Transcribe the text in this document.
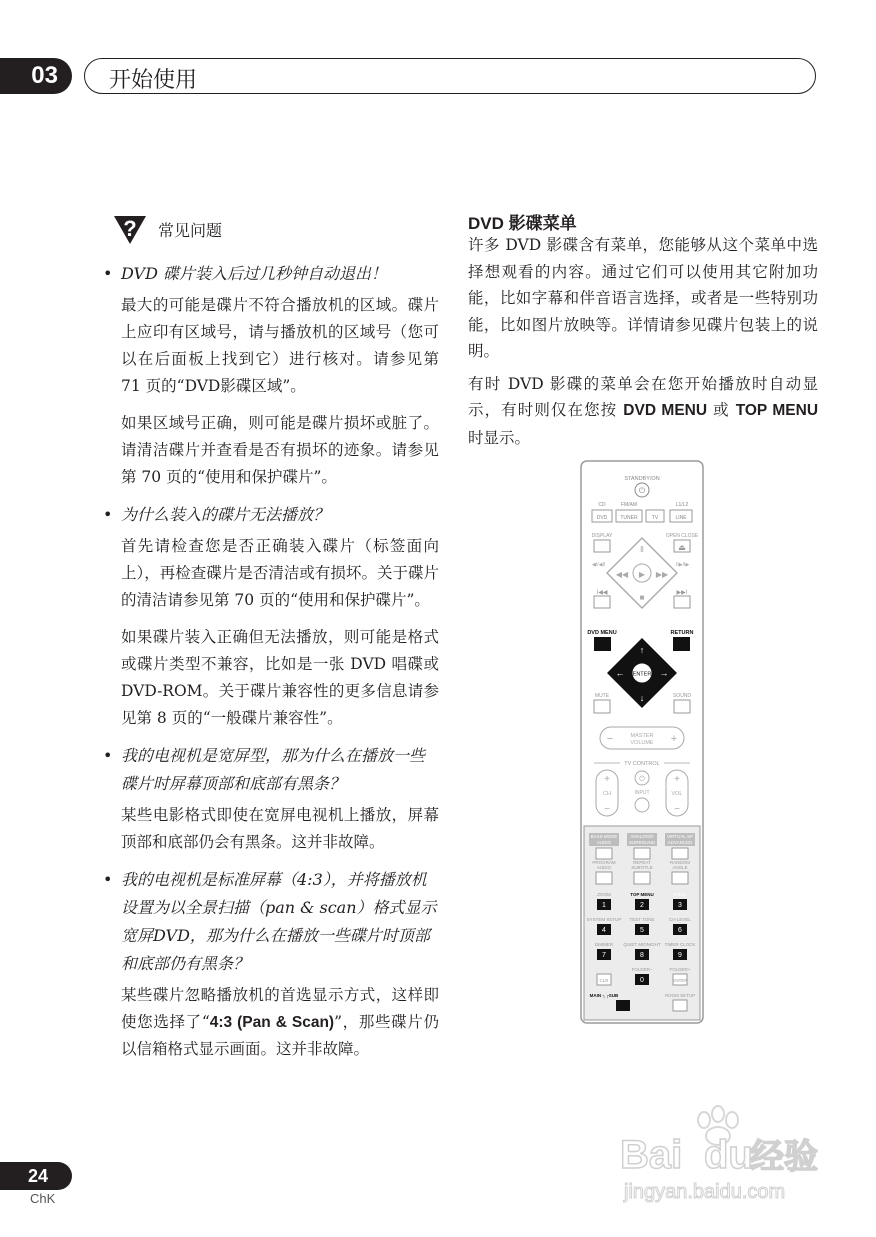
03 开始使用
? 常见问题
• DVD 碟片装入后过几秒钟自动退出！

最大的可能是碟片不符合播放机的区域。碟片上应印有区域号，请与播放机的区域号（您可以在后面板上找到它）进行核对。请参见第 71 页的“DVD影碟区域”。

如果区域号正确，则可能是碟片损坏或脏了。请清洁碟片并查看是否有损坏的迹象。请参见第 70 页的“使用和保护碟片”。

• 为什么装入的碟片无法播放？

首先请检查您是否正确装入碟片（标签面向上），再检查碟片是否清洁或有损坏。关于碟片的清洁请参见第 70 页的“使用和保护碟片”。

如果碟片装入正确但无法播放，则可能是格式或碟片类型不兼容，比如是一张 DVD 唱碟或 DVD-ROM。关于碟片兼容性的更多信息请参见第 8 页的“一般碟片兼容性”。

• 我的电视机是宽屏型，那为什么在播放一些碟片时屏幕顶部和底部有黑条？

某些电影格式即使在宽屏电视机上播放，屏幕顶部和底部仍会有黑条。这并非故障。

• 我的电视机是标准屏幕（4:3），并将播放机设置为以全景扫描（pan & scan）格式显示宽屏DVD，那为什么在播放一些碟片时顶部和底部仍有黑条？

某些碟片忽略播放机的首选显示方式，这样即使您选择了“4:3 (Pan & Scan)”，那些碟片仍以信箱格式显示画面。这并非故障。

DVD 影碟菜单

许多 DVD 影碟含有菜单，您能够从这个菜单中选择想观看的内容。通过它们可以使用其它附加功能，比如字幕和伴音语言选择，或者是一些特别功能，比如图片放映等。详情请参见碟片包装上的说明。

有时 DVD 影碟的菜单会在您开始播放时自动显示，有时则仅在您按 DVD MENU 或 TOP MENU 时显示。

STANDBY/ON
⏻
CD	FM/AM	L1/L2
DVD	TUNER	TV	LINE
DISPLAY	OPEN CLOSE
⏏
▶
Ⅱ
■
◀◀	▶▶
◀I/◀II	II▶/I▶
I◀◀	▶▶I
DVD MENU	RETURN
ENTER
↑
↓
←	→
MUTE	SOUND
−	+
MASTER
VOLUME
TV CONTROL
+
−
+
−
CH	VOL
⏻
INPUT
BASS MODE
AUDIO
ANALOG/D
SURROUND
VIRTUAL SP
ADVANCED
PROGRAM
AUDIO
REPEAT
SUBTITLE
RANDOM
ANGLE
ZOOM	TOP MENU	FOLD
SYSTEM SETUP TEST TONE	CH LEVEL
DIMMER QUIET MIDNIGHT TIMER CLOCK
1	2	3
4	5	6
7	8	9
FOLDER–	FOLDER+
CLR	0	ENTER
MAIN ┐┌SUB	ROOM SETUP
24
ChK
Bai du
经验
jingyan.baidu.com
